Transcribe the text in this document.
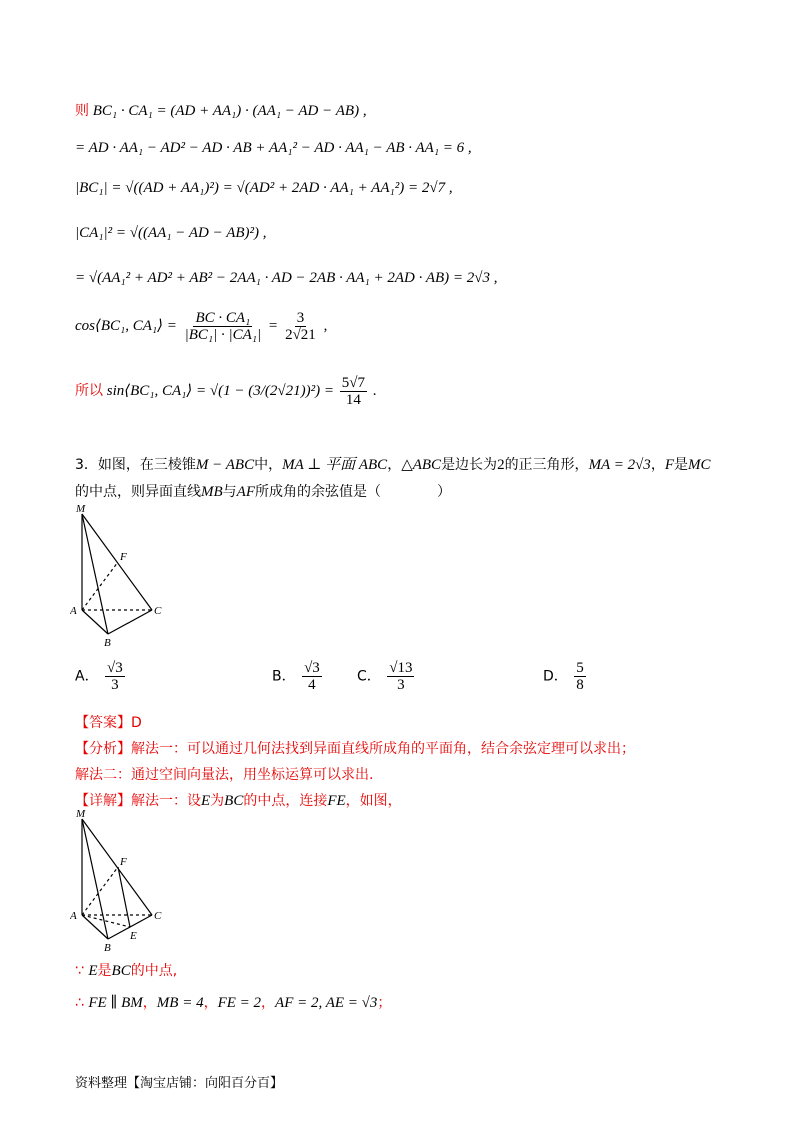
则 BC₁ · CA₁ = (AD + AA₁) · (AA₁ − AD − AB) ,
= AD · AA₁ − AD² − AD · AB + AA₁² − AD · AA₁ − AB · AA₁ = 6 ,
|BC₁| = √((AD + AA₁)²) = √(AD² + 2AD · AA₁ + AA₁²) = 2√7 ,
|CA₁|² = √((AA₁ − AD − AB)²) ,
= √(AA₁² + AD² + AB² − 2AA₁ · AD − 2AB · AA₁ + 2AD · AB) = 2√3 ,
cos⟨BC₁, CA₁⟩ = $\frac{\text{BC · CA₁}}{\text{|BC₁| · |CA₁|}} = \frac{3}{2√21}$ ,
所以 sin⟨BC₁, CA₁⟩ = $√(1 - (3/(2√21))^2) = \frac{5√7}{14}$ .
3．如图，在三棱锥M − ABC中，MA ⊥ 平面 ABC，△ABC是边长为2的正三角形，MA = 2√3，F是MC
的中点，则异面直线MB与AF所成角的余弦值是（　　　　）
M
F
A	C
B
A． $\frac{√3}{3}$	B． $\frac{√3}{4}$	C． $\frac{√13}{3}$	D． $\frac{5}{8}$
【答案】D
【分析】解法一：可以通过几何法找到异面直线所成角的平面角，结合余弦定理可以求出；
解法二：通过空间向量法，用坐标运算可以求出.
【详解】解法一：设E为BC的中点，连接FE，如图，
M
F
A	C
B
E
∵ E是BC的中点,
∴ FE ∥ BM，MB = 4，FE = 2，AF = 2, AE = √3；
资料整理【淘宝店铺：向阳百分百】
